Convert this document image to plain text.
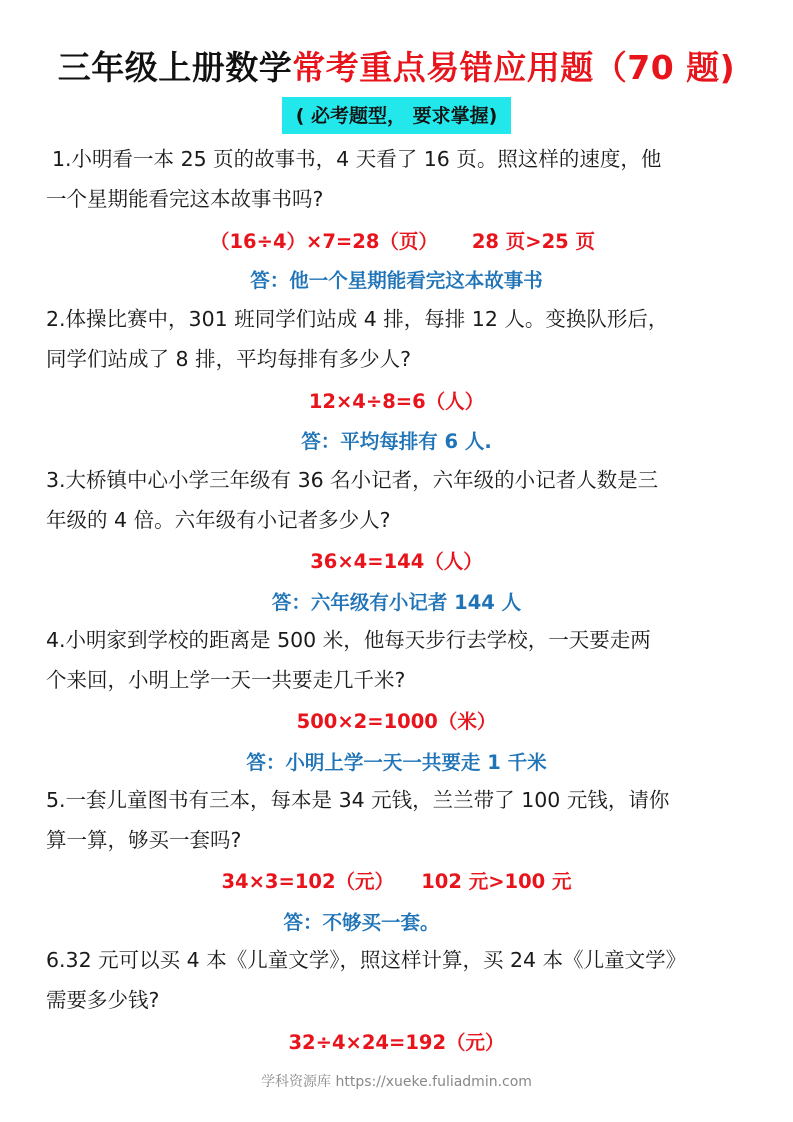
三年级上册数学常考重点易错应用题（70 题)
( 必考题型， 要求掌握)
1.小明看一本 25 页的故事书，4 天看了 16 页。照这样的速度，他
一个星期能看完这本故事书吗?
（16÷4）×7=28（页）     28 页>25 页
答：他一个星期能看完这本故事书
2.体操比赛中，301 班同学们站成 4 排，每排 12 人。变换队形后，
同学们站成了 8 排，平均每排有多少人?
12×4÷8=6（人）
答：平均每排有 6 人.
3.大桥镇中心小学三年级有 36 名小记者，六年级的小记者人数是三
年级的 4 倍。六年级有小记者多少人?
36×4=144（人）
答：六年级有小记者 144 人
4.小明家到学校的距离是 500 米，他每天步行去学校，一天要走两
个来回，小明上学一天一共要走几千米?
500×2=1000（米）
答：小明上学一天一共要走 1 千米
5.一套儿童图书有三本，每本是 34 元钱，兰兰带了 100 元钱，请你
算一算，够买一套吗?
34×3=102（元）    102 元>100 元
答：不够买一套。
6.32 元可以买 4 本《儿童文学》，照这样计算，买 24 本《儿童文学》
需要多少钱?
32÷4×24=192（元）
学科资源库 https://xueke.fuliadmin.com
